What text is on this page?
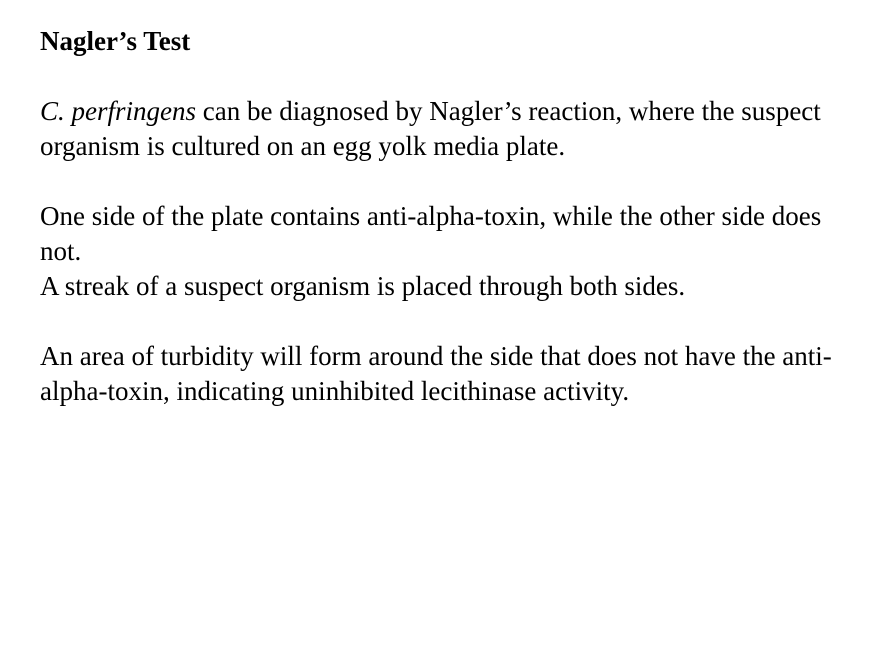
Nagler’s Test

C. perfringens can be diagnosed by Nagler’s reaction, where the suspect organism is cultured on an egg yolk media plate.

One side of the plate contains anti-alpha-toxin, while the other side does not.

A streak of a suspect organism is placed through both sides.

An area of turbidity will form around the side that does not have the anti-alpha-toxin, indicating uninhibited lecithinase activity.
